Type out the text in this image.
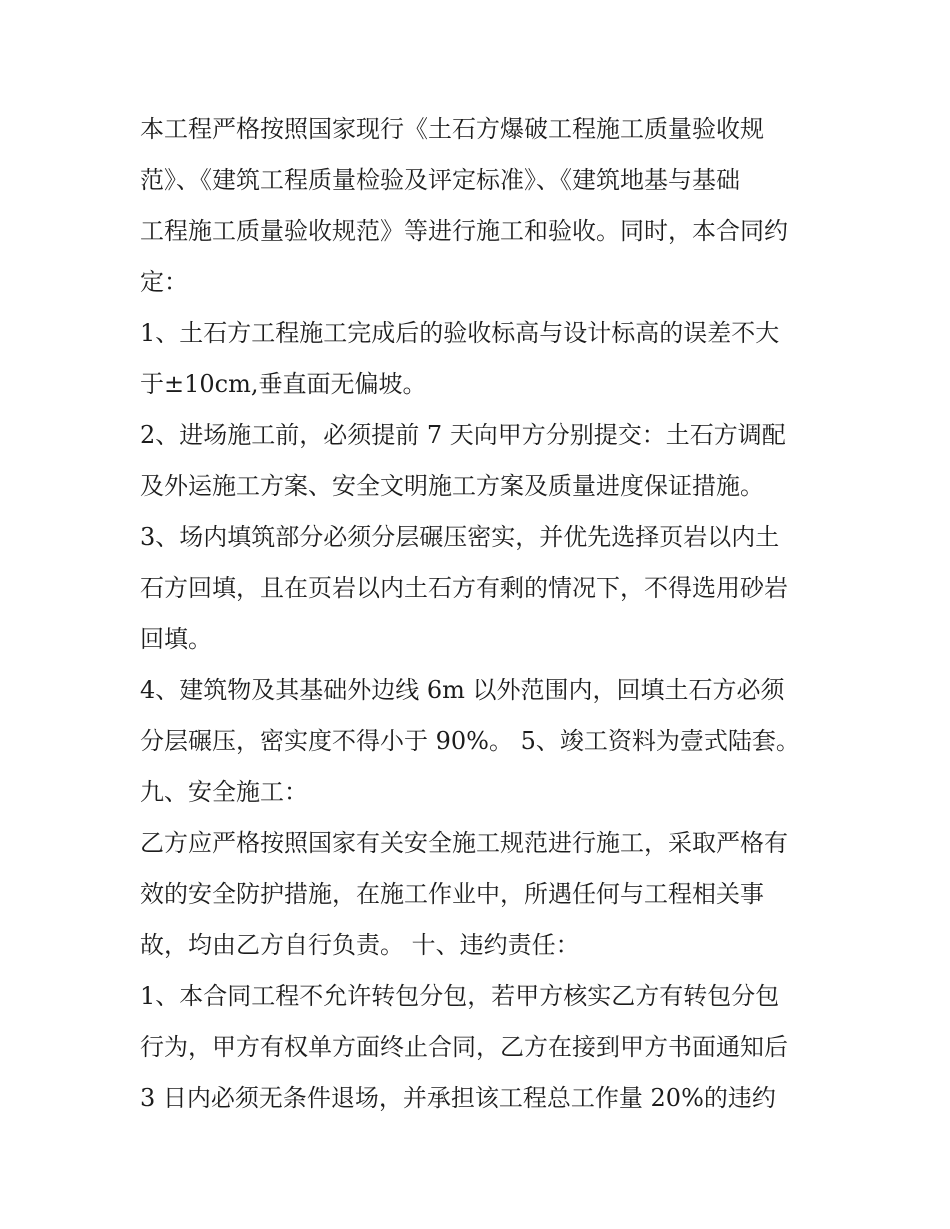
本工程严格按照国家现行《土石方爆破工程施工质量验收规
范》、《建筑工程质量检验及评定标准》、《建筑地基与基础
工程施工质量验收规范》等进行施工和验收。同时，本合同约
定：
1、土石方工程施工完成后的验收标高与设计标高的误差不大
于±10cm,垂直面无偏坡。
2、进场施工前，必须提前 7 天向甲方分别提交：土石方调配
及外运施工方案、安全文明施工方案及质量进度保证措施。
3、场内填筑部分必须分层碾压密实，并优先选择页岩以内土
石方回填，且在页岩以内土石方有剩的情况下，不得选用砂岩
回填。
4、建筑物及其基础外边线 6m 以外范围内，回填土石方必须
分层碾压，密实度不得小于 90%。 5、竣工资料为壹式陆套。
九、安全施工：
乙方应严格按照国家有关安全施工规范进行施工，采取严格有
效的安全防护措施，在施工作业中，所遇任何与工程相关事
故，均由乙方自行负责。 十、违约责任：
1、本合同工程不允许转包分包，若甲方核实乙方有转包分包
行为，甲方有权单方面终止合同，乙方在接到甲方书面通知后
3 日内必须无条件退场，并承担该工程总工作量 20%的违约
